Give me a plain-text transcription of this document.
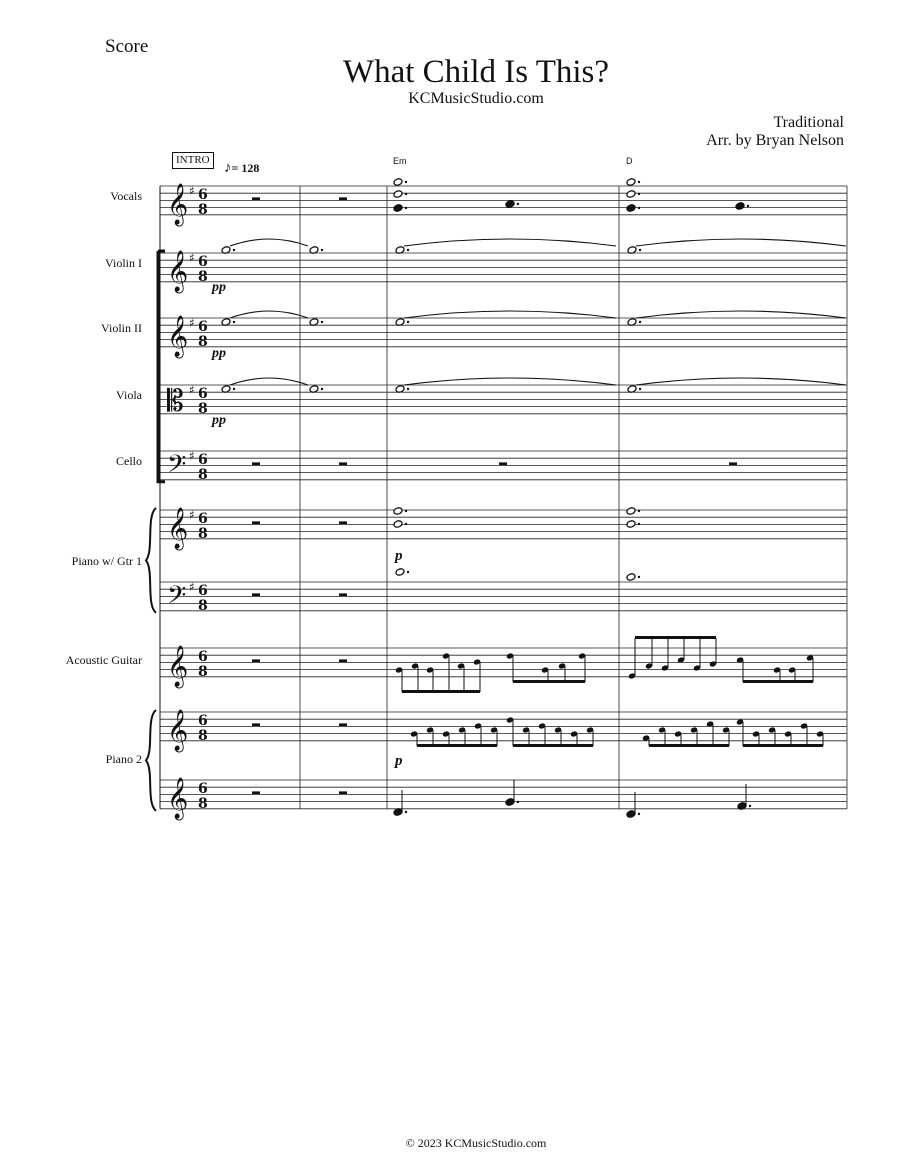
Score
What Child Is This?
KCMusicStudio.com
Traditional
Arr. by Bryan Nelson
INTRO ♪= 128	Em	D
Vocals
Violin I
Violin II
Viola
Cello
Piano w/ Gtr 1
Acoustic Guitar
Piano 2
pp
pp
pp
p
p
𝄞 ♯
𝄞 ♯
𝄞 ♯
𝄡 ♯
𝄢 ♯
𝄞 ♯
𝄢 ♯
𝄞
𝄞
𝄞
6
8
6
8
6
8
6
8
6
8
6
8
6
8
6
8
6
8
6
8
© 2023 KCMusicStudio.com
